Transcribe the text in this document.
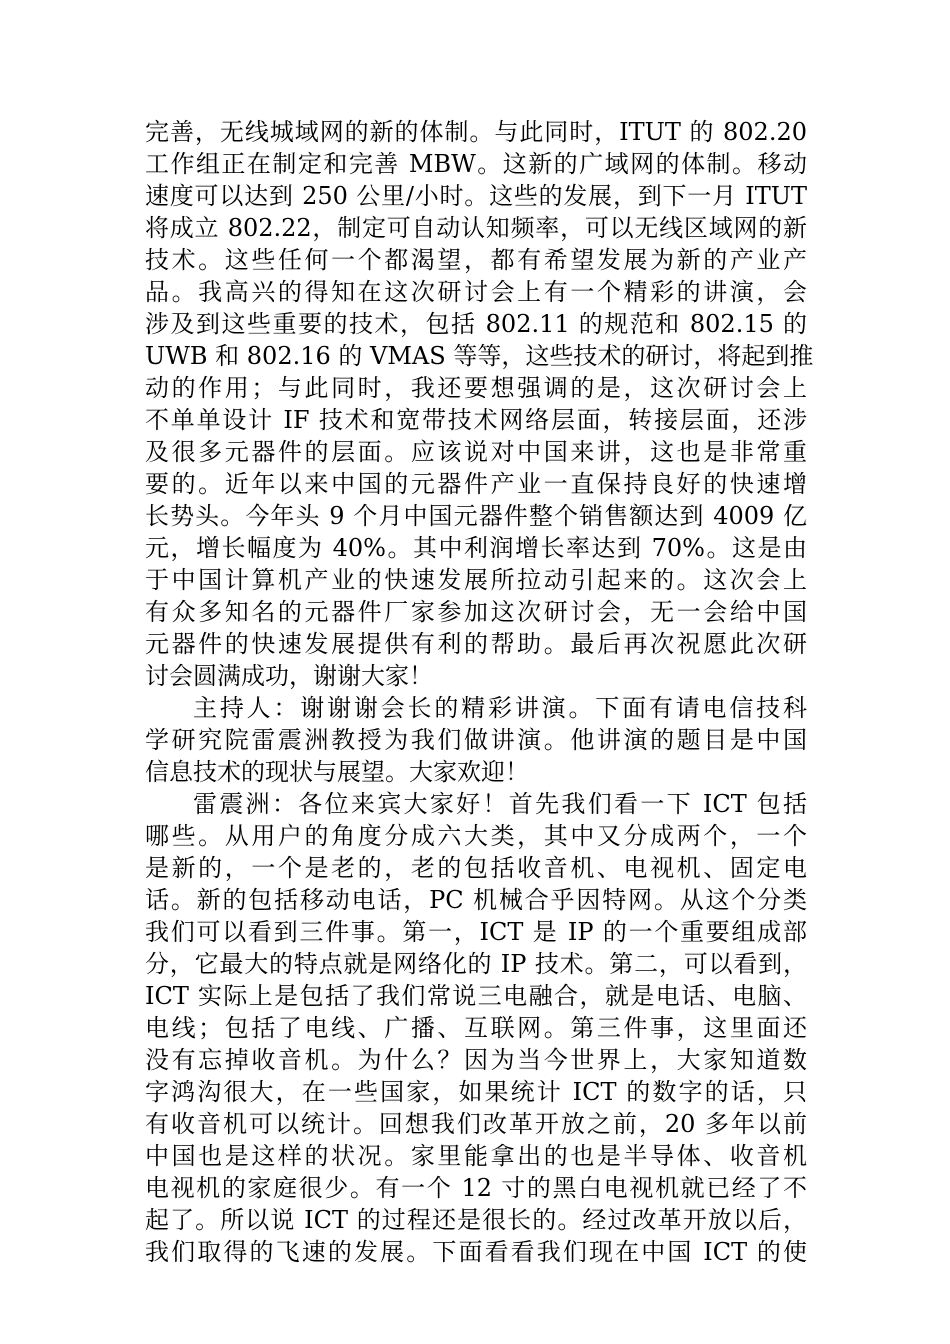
完善，无线城域网的新的体制。与此同时，ITUT 的 802.20
工作组正在制定和完善 MBW。这新的广域网的体制。移动
速度可以达到 250 公里/小时。这些的发展，到下一月 ITUT
将成立 802.22，制定可自动认知频率，可以无线区域网的新
技术。这些任何一个都渴望，都有希望发展为新的产业产
品。我高兴的得知在这次研讨会上有一个精彩的讲演，会
涉及到这些重要的技术，包括 802.11 的规范和 802.15 的
UWB 和 802.16 的 VMAS 等等，这些技术的研讨，将起到推
动的作用；与此同时，我还要想强调的是，这次研讨会上
不单单设计 IF 技术和宽带技术网络层面，转接层面，还涉
及很多元器件的层面。应该说对中国来讲，这也是非常重
要的。近年以来中国的元器件产业一直保持良好的快速增
长势头。今年头 9 个月中国元器件整个销售额达到 4009 亿
元，增长幅度为 40%。其中利润增长率达到 70%。这是由
于中国计算机产业的快速发展所拉动引起来的。这次会上
有众多知名的元器件厂家参加这次研讨会，无一会给中国
元器件的快速发展提供有利的帮助。最后再次祝愿此次研
讨会圆满成功，谢谢大家！
主持人：谢谢谢会长的精彩讲演。下面有请电信技科
学研究院雷震洲教授为我们做讲演。他讲演的题目是中国
信息技术的现状与展望。大家欢迎！
雷震洲：各位来宾大家好！首先我们看一下 ICT 包括
哪些。从用户的角度分成六大类，其中又分成两个，一个
是新的，一个是老的，老的包括收音机、电视机、固定电
话。新的包括移动电话，PC 机械合乎因特网。从这个分类
我们可以看到三件事。第一，ICT 是 IP 的一个重要组成部
分，它最大的特点就是网络化的 IP 技术。第二，可以看到，
ICT 实际上是包括了我们常说三电融合，就是电话、电脑、
电线；包括了电线、广播、互联网。第三件事，这里面还
没有忘掉收音机。为什么？因为当今世界上，大家知道数
字鸿沟很大，在一些国家，如果统计 ICT 的数字的话，只
有收音机可以统计。回想我们改革开放之前，20 多年以前
中国也是这样的状况。家里能拿出的也是半导体、收音机
电视机的家庭很少。有一个 12 寸的黑白电视机就已经了不
起了。所以说 ICT 的过程还是很长的。经过改革开放以后，
我们取得的飞速的发展。下面看看我们现在中国 ICT 的使
